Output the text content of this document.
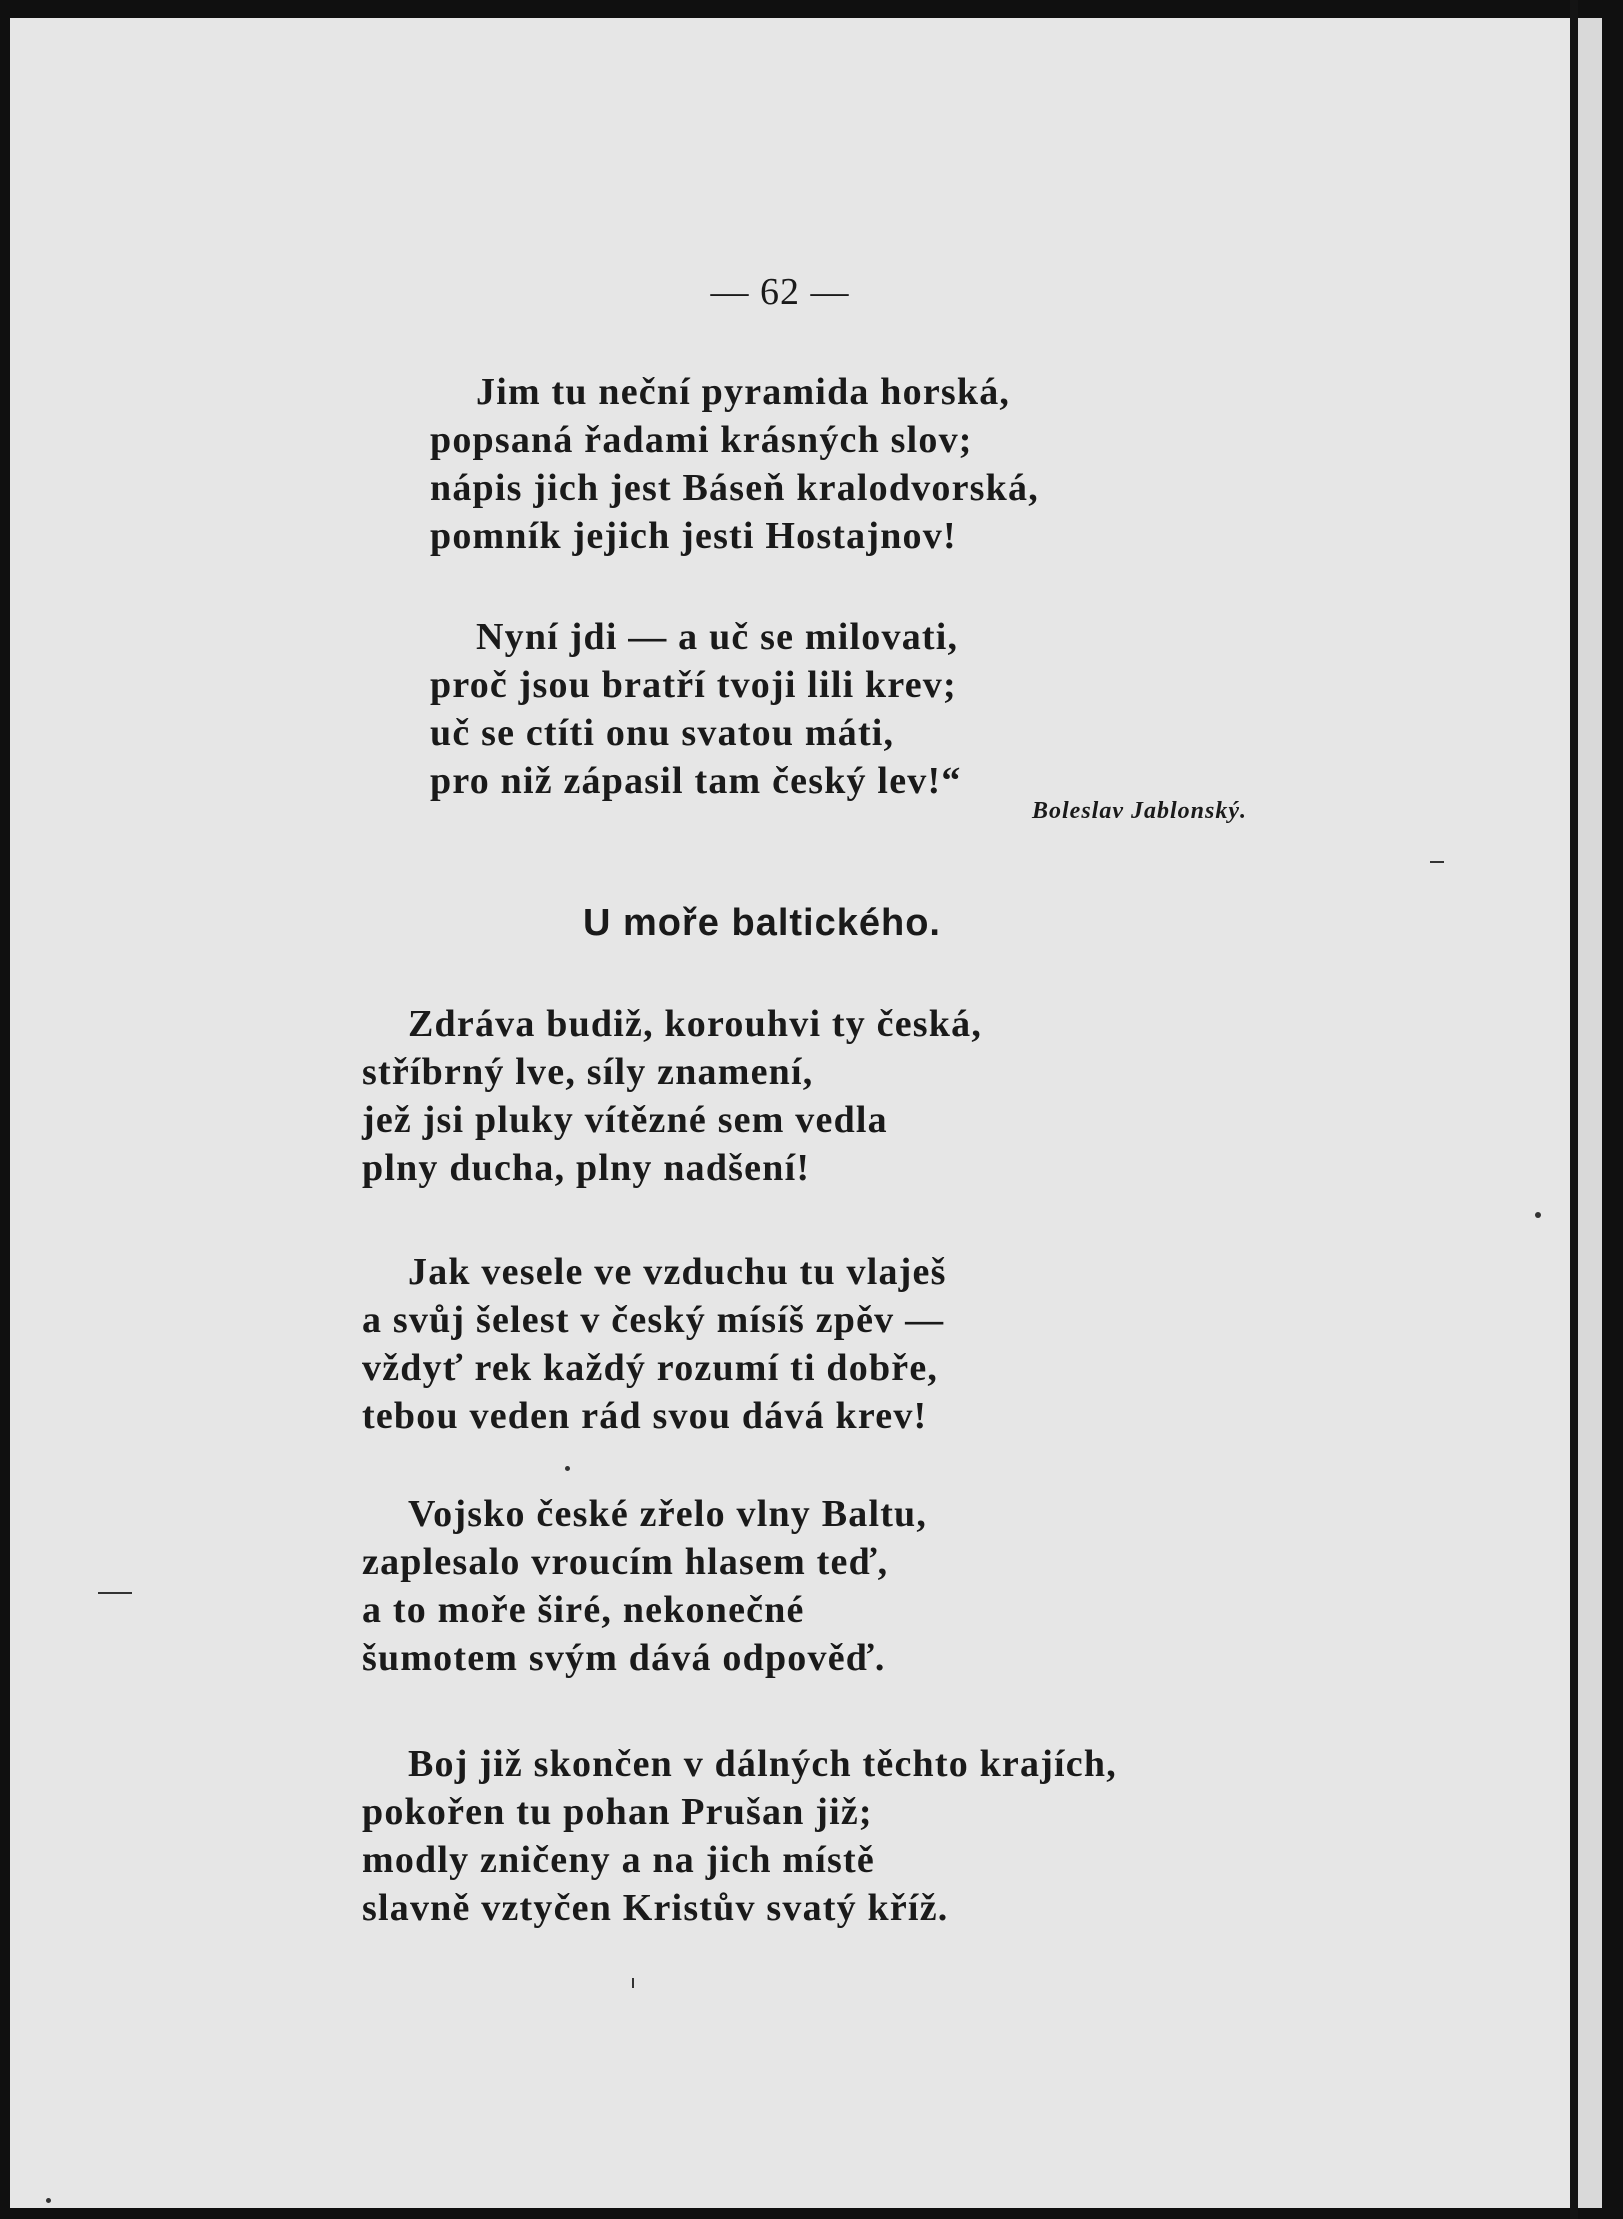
— 62 —
Jim tu neční pyramida horská,
popsaná řadami krásných slov;
nápis jich jest Báseň kralodvorská,
pomník jejich jesti Hostajnov!
Nyní jdi — a uč se milovati,
proč jsou bratří tvoji lili krev;
uč se ctíti onu svatou máti,
pro niž zápasil tam český lev!“
Boleslav Jablonský.
U moře baltického.
Zdráva budiž, korouhvi ty česká,
stříbrný lve, síly znamení,
jež jsi pluky vítězné sem vedla
plny ducha, plny nadšení!
Jak vesele ve vzduchu tu vlaješ
a svůj šelest v český mísíš zpěv —
vždyť rek každý rozumí ti dobře,
tebou veden rád svou dává krev!
Vojsko české zřelo vlny Baltu,
zaplesalo vroucím hlasem teď,
a to moře širé, nekonečné
šumotem svým dává odpověď.
Boj již skončen v dálných těchto krajích,
pokořen tu pohan Prušan již;
modly zničeny a na jich místě
slavně vztyčen Kristův svatý kříž.
